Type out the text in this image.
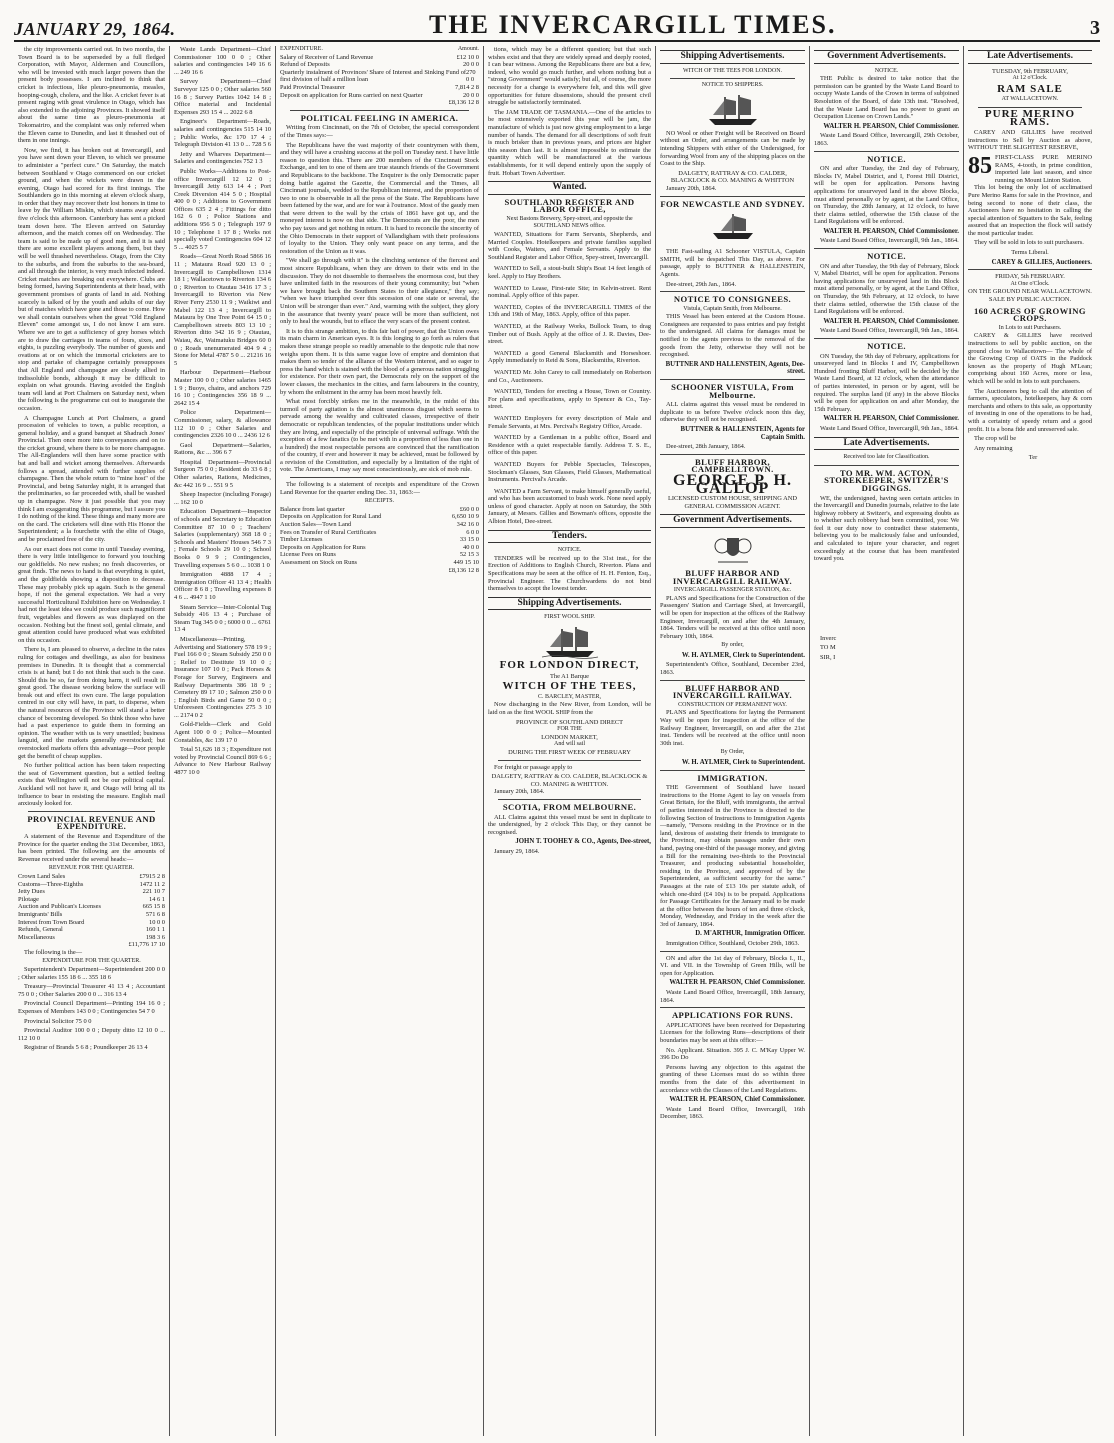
JANUARY 29, 1864.	THE INVERCARGILL TIMES.	3

the city improvements carried out. In two months, the Town Board is to be superseded by a full fledged Corporation, with Mayor, Aldermen and Councillors, who will be invested with much larger powers than the present body possesses. I am inclined to think that cricket is infectious, like pleuro-pneumonia, measles, hooping-cough, cholera, and the like. A cricket fever is at present raging with great virulence in Otago, which has also extended to the adjoining Provinces. It showed itself about the same time as pleuro-pneumonia at Tokomairiro, and the complaint was only referred when the Eleven came to Dunedin, and last it thrashed out of them in one innings.

Now, we find, it has broken out at Invercargill, and you have sent down your Eleven, to which we presume to administer a "perfect cure." On Saturday, the match between Southland v Otago commenced on our cricket ground, and when the wickets were drawn in the evening, Otago had scored for its first innings. The Southlanders go in this morning at eleven o'clock sharp, in order that they may recover their lost honors in time to leave by the William Miskin, which steams away about five o'clock this afternoon. Canterbury has sent a picked team down here. The Eleven arrived on Saturday afternoon, and the match comes off on Wednesday. The team is said to be made up of good men, and it is said there are some excellent players among them, but they will be well thrashed nevertheless. Otago, from the City to the suburbs, and from the suburbs to the sea-board, and all through the interior, is very much infected indeed. Cricket matches are breaking out everywhere. Clubs are being formed, having Superintendents at their head, with government promises of grants of land in aid. Nothing scarcely is talked of by the youth and adults of our day but of matches which have gone and those to come. How we shall contain ourselves when the great "Old England Eleven" come amongst us, I do not know I am sure. Where we are to get a sufficiency of grey horses which are to draw the carriages in teams of fours, sixes, and eights, is puzzling everybody. The number of guests and ovations at or on which the immortal cricketers are to stop and partake of champagne certainly presupposes that All England and champagne are closely allied in indissoluble bonds, although it may be difficult to explain on what grounds. Having avoided the English team will land at Port Chalmers on Saturday next, when the following is the programme cut out to inaugurate the occasion.

A Champagne Lunch at Port Chalmers, a grand procession of vehicles to town, a public reception, a general holiday, and a grand banquet at Shadrach Jones' Provincial. Then once more into conveyances and on to the cricket ground, where there is to be more champagne. The All-Englanders will then have some practice with bat and ball and wicket among themselves. Afterwards follows a spread, attended with further supplies of champagne. Then the whole return to "mine host" of the Provincial, and being Saturday night, it is arranged that the preliminaries, so far proceeded with, shall be washed up in champagne. Now it just possible that you may think I am exaggerating this programme, but I assure you I do nothing of the kind. These things and many more are on the card. The cricketers will dine with His Honor the Superintendent; a la fourchette with the elite of Otago, and be proclaimed free of the city.

As our exact does not come in until Tuesday evening, there is very little intelligence to forward you touching our goldfields. No new rushes; no fresh discoveries, or great finds. The news to hand is that everything is quiet, and the goldfields showing a disposition to decrease. These may probably pick up again. Such is the general hope, if not the general expectation. We had a very successful Horticultural Exhibition here on Wednesday. I had not the least idea we could produce such magnificent fruit, vegetables and flowers as was displayed on the occasion. Nothing but the finest soil, genial climate, and great attention could have produced what was exhibited on this occasion.

There is, I am pleased to observe, a decline in the rates ruling for cottages and dwellings, as also for business premises in Dunedin. It is thought that a commercial crisis is at hand; but I do not think that such is the case. Should this be so, far from doing harm, it will result in great good. The disease working below the surface will break out and effect its own cure. The large population centred in our city will have, in part, to disperse, when the natural resources of the Province will stand a better chance of becoming developed. So think those who have had a past experience to guide them in forming an opinion. The weather with us is very unsettled; business languid, and the markets generally overstocked; but overstocked markets offers this advantage—Poor people get the benefit of cheap supplies.

No further political action has been taken respecting the seat of Government question, but a settled feeling exists that Wellington will not be our political capital. Auckland will not have it, and Otago will bring all its influence to bear in resisting the measure. English mail anxiously looked for.

PROVINCIAL REVENUE AND EXPENDITURE.

A statement of the Revenue and Expenditure of the Province for the quarter ending the 31st December, 1863, has been printed. The following are the amounts of Revenue received under the several heads:—

REVENUE FOR THE QUARTER.
Crown Land Sales	£7915 2 8
Customs—Three-Eighths	1472 11 2
Jetty Dues	221 10 7
Pilotage	14 6 1
Auction and Publican's Licenses	665 15 8
Immigrants' Bills	571 6 8
Interest from Town Board	10 0 0
Refunds, General	160 1 1
Miscellaneous	198 3 6
£11,776 17 10

The following is the—

EXPENDITURE FOR THE QUARTER.

Superintendent's Department—Superintendent 200 0 0 ; Other salaries 155 18 6 ... 355 18 6

Treasury—Provincial Treasurer 41 13 4 ; Accountant 75 0 0 ; Other Salaries 200 0 0 ... 316 13 4

Provincial Council Department—Printing 194 16 0 ; Expenses of Members 143 0 0 ; Contingencies 54 7 0

Provincial Solicitor 75 0 0

Provincial Auditor 100 0 0 ; Deputy ditto 12 10 0 ... 112 10 0

Registrar of Brands 5 6 8 ; Poundkeeper 26 13 4

Waste Lands Department—Chief Commissioner 100 0 0 ; Other salaries and contingencies 149 16 6 ... 249 16 6

Survey Department—Chief Surveyor 125 0 0 ; Other salaries 560 16 8 ; Survey Parties 1042 14 8 ; Office material and Incidental Expenses 293 15 4 ... 2022 6 8

Engineer's Department—Roads, salaries and contingencies 515 14 10 ; Public Works, &c 170 17 4 ; Telegraph Division 41 13 0 ... 728 5 6

Jetty and Wharves Department—Salaries and contingencies 752 1 3

Public Works—Additions to Post-office Invercargill 12 12 0 ; Invercargill Jetty 613 14 4 ; Port Creek Diversion 414 5 0 ; Hospital 400 0 0 ; Additions to Government Offices 635 2 4 ; Fittings for ditto 162 6 0 ; Police Stations and additions 956 5 0 ; Telegraph 197 9 10 ; Telephone 1 17 8 ; Works not specially voted Contingencies 604 12 5 ... 4025 5 7

Roads—Great North Road 5866 16 11 ; Mataura Road 920 13 0 ; Invercargill to Campbelltown 1314 18 1 ; Wallacetown to Riverton 134 6 0 ; Riverton to Otautau 3416 17 3 ; Invercargill to Riverton via New River Ferry 2530 11 9 ; Waikiwi and Mabel 122 13 4 ; Invercargill to Mataura by One Tree Point 64 15 0 ; Campbelltown streets 803 13 10 ; Riverton ditto 342 16 9 ; Otautau, Waiau, &c, Waimatuku Bridges 60 0 0 ; Roads unenumerated 404 9 4 ; Stone for Metal 4787 5 0 ... 21216 16 5

Harbour Department—Harbour Master 100 0 0 ; Other salaries 1465 1 9 ; Buoys, chains, and anchors 729 16 10 ; Contingencies 356 18 9 ... 2642 15 4

Police Department—Commissioner, salary, & allowance 112 10 0 ; Other Salaries and contingencies 2326 10 0 ... 2436 12 6

Gaol Department—Salaries, Rations, &c ... 396 6 7

Hospital Department—Provincial Surgeon 75 0 0 ; Resident do 33 6 8 ; Other salaries, Rations, Medicines, &c 442 16 9 ... 551 9 5

Sheep Inspector (including Forage) ... 162 10 0

Education Department—Inspector of schools and Secretary to Education Committee 87 10 0 ; Teachers' Salaries (supplementary) 368 18 0 ; Schools and Masters' Houses 546 7 3 ; Female Schools 29 10 0 ; School Books 0 9 9 ; Contingencies, Travelling expenses 5 6 0 ... 1038 1 0

Immigration 4888 17 4 ; Immigration Officer 41 13 4 ; Health Officer 8 6 8 ; Travelling expenses 8 4 6 ... 4947 1 10

Steam Service—Inter-Colonial Tug Subsidy 416 13 4 ; Purchase of Steam Tug 345 0 0 ; 6000 0 0 ... 6761 13 4

Miscellaneous—Printing, Advertising and Stationery 578 19 9 ; Fuel 166 0 0 ; Steam Subsidy 250 0 0 ; Relief to Destitute 19 10 0 ; Insurance 107 10 0 ; Pack Horses & Forage for Survey, Engineers and Railway Departments 386 18 9 ; Cemetery 89 17 10 ; Salmon 250 0 0 ; English Birds and Game 50 0 0 ; Unforeseen Contingencies 275 3 10 ... 2174 0 2

Gold-Fields—Clerk and Gold Agent 100 0 0 ; Police—Mounted Constables, &c 139 17 0

Total 51,626 18 3 ; Expenditure not voted by Provincial Council 869 6 6 ; Advance to New Harbour Railway 4877 10 0

EXPENDITURE.	Amount.
Salary of Receiver of Land Revenue	£12 10 0
Refund of Deposits	20 0 0
Quarterly instalment of Provinces' Share of Interest and Sinking Fund of first division of half a million loan
270 0 0
Paid Provincial Treasurer	7,814 2 8
Deposit on application for Runs carried on next Quarter	20 0 0
£8,136 12 8
POLITICAL FEELING IN AMERICA.

Writing from Cincinnati, on the 7th of October, the special correspondent of the Times says:—

The Republicans have the vast majority of their countrymen with them, and they will have a crushing success at the poll on Tuesday next. I have little reason to question this. There are 200 members of the Cincinnati Stock Exchange, and ten to one of them are true staunch friends of the Government and Republicans to the backbone. The Enquirer is the only Democratic paper doing battle against the Gazette, the Commercial and the Times, all Cincinnati journals, wedded to the Republican interest, and the proportion of two to one is observable in all the press of the State. The Republicans have been fattened by the war, and are for war à l'outrance. Most of the gaudy men that were driven to the wall by the crisis of 1861 have got up, and the moneyed interest is now on that side. The Democrats are the poor, the men who pay taxes and get nothing in return. It is hard to reconcile the sincerity of the Ohio Democrats in their support of Vallandigham with their professions of loyalty to the Union. They only want peace on any terms, and the restoration of the Union as it was.

"We shall go through with it" is the clinching sentence of the fiercest and most sincere Republicans, when they are driven to their wits end in the discussion. They do not dissemble to themselves the enormous cost, but they have unlimited faith in the resources of their young community; but "when we have brought back the Southern States to their allegiance," they say; "when we have triumphed over this secession of one state or several, the Union will be stronger than ever." And, warming with the subject, they glory in the assurance that twenty years' peace will be more than sufficient, not only to heal the wounds, but to efface the very scars of the present contest.

It is to this strange ambition, to this fair bait of power, that the Union owes its main charm in American eyes. It is this longing to go forth as rulers that makes these strange people so readily amenable to the despotic rule that now weighs upon them. It is this same vague love of empire and dominion that makes them so tender of the alliance of the Western interest, and so eager to press the hand which is stained with the blood of a generous nation struggling for existence. For their own part, the Democrats rely on the support of the lower classes, the mechanics in the cities, and farm labourers in the country, by whom the enlistment in the army has been most heavily felt.

What most forcibly strikes me in the meanwhile, in the midst of this turmoil of party agitation is the almost unanimous disgust which seems to pervade among the wealthy and cultivated classes, irrespective of their democratic or republican tendencies, of the popular institutions under which they are living, and especially of the principle of universal suffrage. With the exception of a few fanatics (to be met with in a proportion of less than one in a hundred) the most respectable persons are convinced that the ramification of the country, if ever and however it may be achieved, must be followed by a revision of the Constitution, and especially by a limitation of the right of vote. The Americans, I may say most conscientiously, are sick of mob rule.

The following is a statement of receipts and expenditure of the Crown Land Revenue for the quarter ending Dec. 31, 1863:—

RECEIPTS.
Balance from last quarter	£60 0 0
Deposits on Application for Rural Land	6,650 10 9
Auction Sales—Town Land	342 16 0
Fees on Transfer of Rural Certificates	6 0 0
Timber Licenses	33 15 0
Deposits on Application for Runs	40 0 0
License Fees on Runs	52 15 3
Assessment on Stock on Runs	449 15 10
£8,136 12 8

tions, which may be a different question; but that such wishes exist and that they are widely spread and deeply rooted, I can bear witness. Among the Republicans there are but a few, indeed, who would go much further, and whom nothing but a "strong Government" would satisfy; but all, of course, the more necessity for a change is everywhere felt, and this will give opportunities for future dissensions, should the present civil struggle be satisfactorily terminated.

The JAM TRADE OF TASMANIA.—One of the articles to be most extensively exported this year will be jam, the manufacture of which is just now giving employment to a large number of hands. The demand for all descriptions of soft fruit is much brisker than in previous years, and prices are higher this season than last. It is almost impossible to estimate the quantity which will be manufactured at the various establishments, for it will depend entirely upon the supply of fruit. Hobart Town Advertiser.

Wanted.
SOUTHLAND REGISTER AND LABOR OFFICE,
Next Bastons Brewery, Spey-street, and opposite the SOUTHLAND NEWS office.

WANTED, Situations for Farm Servants, Shepherds, and Married Couples. Hotelkeepers and private families supplied with Cooks, Waiters, and Female Servants. Apply to the Southland Register and Labor Office, Spey-street, Invercargill.

WANTED to Sell, a stout-built Ship's Boat 14 feet length of keel. Apply to Hay Brothers.

WANTED to Lease, First-rate Site; in Kelvin-street. Rent nominal. Apply office of this paper.

WANTED, Copies of the INVERCARGILL TIMES of the 13th and 19th of May, 1863. Apply, office of this paper.

WANTED, at the Railway Works, Bullock Team, to drag Timber out of Bush. Apply at the office of J. R. Davies, Dee-street.

WANTED a good General Blacksmith and Horseshoer. Apply immediately to Reid & Sons, Blacksmiths, Riverton.

WANTED Mr. John Carey to call immediately on Robertson and Co., Auctioneers.

WANTED, Tenders for erecting a House, Town or Country. For plans and specifications, apply to Spencer & Co., Tay-street.

WANTED Employers for every description of Male and Female Servants, at Mrs. Percival's Registry Office, Arcade.

WANTED by a Gentleman in a public office, Board and Residence with a quiet respectable family. Address T. S. E., office of this paper.

WANTED Buyers for Pebble Spectacles, Telescopes, Stockman's Glasses, Sun Glasses, Field Glasses, Mathematical Instruments. Percival's Arcade.

WANTED a Farm Servant, to make himself generally useful, and who has been accustomed to bush work. None need apply unless of good character. Apply at noon on Saturday, the 30th January, at Messrs. Gillies and Bowman's offices, opposite the Albion Hotel, Dee-street.

Tenders.
NOTICE.

TENDERS will be received up to the 31st inst., for the Erection of Additions to English Church, Riverton. Plans and Specifications may be seen at the office of H. H. Fenton, Esq., Provincial Engineer. The Churchwardens do not bind themselves to accept the lowest tender.

Shipping Advertisements.
FIRST WOOL SHIP.
FOR LONDON DIRECT,
The A1 Barque
WITCH OF THE TEES,
C. BARCLEY, MASTER,

Now discharging in the New River, from London, will be laid on as the first WOOL SHIP from the

PROVINCE OF SOUTHLAND DIRECT
FOR THE
LONDON MARKET,
And will sail
DURING THE FIRST WEEK OF FEBRUARY

For freight or passage apply to

DALGETY, RATTRAY & CO. CALDER, BLACKLOCK & CO. MANING & WHITTON.

January 20th, 1864.

SCOTIA, FROM MELBOURNE.

ALL Claims against this vessel must be sent in duplicate to the undersigned, by 2 o'clock This Day, or they cannot be recognised.

JOHN T. TOOHEY & CO., Agents, Dee-street,

January 29, 1864.

Shipping Advertisements.
WITCH OF THE TEES FOR LONDON.
NOTICE TO SHIPPERS.

NO Wool or other Freight will be Received on Board without an Order, and arrangements can be made by intending Shippers with either of the Undersigned, for forwarding Wool from any of the shipping places on the Coast to the Ship.

DALGETY, RATTRAY & CO. CALDER, BLACKLOCK & CO. MANING & WHITTON

January 20th, 1864.

FOR NEWCASTLE AND SYDNEY.

THE Fast-sailing A1 Schooner VISTULA, Captain SMITH, will be despatched This Day, as above. For passage, apply to BUTTNER & HALLENSTEIN, Agents.

Dee-street, 29th Jan., 1864.

NOTICE TO CONSIGNEES.
Vistula, Captain Smith, from Melbourne.

THIS Vessel has been entered at the Custom House. Consignees are requested to pass entries and pay freight to the undersigned. All claims for damages must be notified to the agents previous to the removal of the goods from the Jetty, otherwise they will not be recognised.

BUTTNER AND HALLENSTEIN, Agents, Dee-street.
SCHOONER VISTULA, From Melbourne.

ALL claims against this vessel must be rendered in duplicate to us before Twelve o'clock noon this day, otherwise they will not be recognised.

BUTTNER & HALLENSTEIN, Agents for Captain Smith.

Dee-street, 28th January, 1864.

BLUFF HARBOR, CAMPBELLTOWN.
GEORGE P. H. GALLOP
LICENSED CUSTOM HOUSE, SHIPPING AND GENERAL COMMISSION AGENT.
Government Advertisements.
BLUFF HARBOR AND INVERCARGILL RAILWAY.
INVERCARGILL PASSENGER STATION, &c.

PLANS and Specifications for the Construction of the Passengers' Station and Carriage Shed, at Invercargill, will be open for inspection at the offices of the Railway Engineer, Invercargill, on and after the 4th January, 1864. Tenders will be received at this office until noon February 10th, 1864.

By order,
W. H. AYLMER, Clerk to Superintendent.

Superintendent's Office, Southland, December 23rd, 1863.

BLUFF HARBOR AND INVERCARGILL RAILWAY.
CONSTRUCTION OF PERMANENT WAY.

PLANS and Specifications for laying the Permanent Way will be open for inspection at the office of the Railway Engineer, Invercargill, on and after the 21st inst. Tenders will be received at the office until noon 30th inst.

By Order,
W. H. AYLMER, Clerk to Superintendent.
IMMIGRATION.

THE Government of Southland have issued instructions to the Home Agent to lay on vessels from Great Britain, for the Bluff, with immigrants, the arrival of parties interested in the Province is directed to the following Section of Instructions to Immigration Agents—namely, "Persons residing in the Province or in the land, desirous of assisting their friends to immigrate to the Province, may obtain passages under their own hand, paying one-third of the passage money, and giving a Bill for the remaining two-thirds to the Provincial Treasurer, and producing substantial householder, residing in the Province, and approved of by the Superintendent, as sufficient security for the same." Passages at the rate of £13 10s per statute adult, of which one-third (£4 10s) is to be prepaid. Applications for Passage Certificates for the January mail to be made at the office between the hours of ten and three o'clock, Monday, Wednesday, and Friday in the week after the 3rd of January, 1864.

D. M'ARTHUR, Immigration Officer.

Immigration Office, Southland, October 29th, 1863.

ON and after the 1st day of February, Blocks I., II., VI. and VII. in the Township of Green Hills, will be open for Application.

WALTER H. PEARSON, Chief Commissioner.

Waste Land Board Office, Invercargill, 18th January, 1864.

APPLICATIONS FOR RUNS.

APPLICATIONS have been received for Depasturing Licenses for the following Runs—descriptions of their boundaries may be seen at this office:—

No. Applicant. Situation. 395 J. C. M'Kay Upper W. 396 Do Do

Persons having any objection to this against the granting of these Licenses must do so within three months from the date of this advertisement in accordance with the Clauses of the Land Regulations.

WALTER H. PEARSON, Chief Commissioner.

Waste Land Board Office, Invercargill, 16th December, 1863.

Government Advertisements.
NOTICE.

THE Public is desired to take notice that the permission can be granted by the Waste Land Board to occupy Waste Lands of the Crown in terms of subjoined Resolution of the Board, of date 13th inst. "Resolved, that the Waste Land Board has no power to grant an Occupation License on Crown Lands."

WALTER H. PEARSON, Chief Commissioner.

Waste Land Board Office, Invercargill, 29th October, 1863.

NOTICE.

ON and after Tuesday, the 2nd day of February, Blocks IV, Mabel District, and I, Forest Hill District, will be open for application. Persons having applications for unsurveyed land in the above Blocks, must attend personally or by agent, at the Land Office, on Thursday, the 28th January, at 12 o'clock, to have their claims settled, otherwise the 15th clause of the Land Regulations will be enforced.

WALTER H. PEARSON, Chief Commissioner.

Waste Land Board Office, Invercargill, 9th Jan., 1864.

NOTICE.

ON and after Tuesday, the 9th day of February, Block V, Mabel District, will be open for application. Persons having applications for unsurveyed land in this Block must attend personally, or by agent, at the Land Office, on Thursday, the 9th February, at 12 o'clock, to have their claims settled, otherwise the 15th clause of the Land Regulations will be enforced.

WALTER H. PEARSON, Chief Commissioner.

Waste Land Board Office, Invercargill, 9th Jan., 1864.

NOTICE.

ON Tuesday, the 9th day of February, applications for unsurveyed land in Blocks I and IV, Campbelltown Hundred fronting Bluff Harbor, will be decided by the Waste Land Board, at 12 o'clock, when the attendance of parties interested, in person or by agent, will be required. The surplus land (if any) in the above Blocks will be open for application on and after Monday, the 15th February.

WALTER H. PEARSON, Chief Commissioner.

Waste Land Board Office, Invercargill, 9th Jan., 1864.

Late Advertisements.
Received too late for Classification.
TO MR. WM. ACTON, STOREKEEPER, SWITZER'S DIGGINGS.

WE, the undersigned, having seen certain articles in the Invercargill and Dunedin journals, relative to the late highway robbery at Switzer's, and expressing doubts as to whether such robbery had been committed, you: We feel it our duty now to contradict these statements, believing you to be maliciously false and unfounded, and calculated to injure your character, and regret exceedingly at the course that has been manifested toward you.

Inverc

TO M

SIR, I

Late Advertisements.
TUESDAY, 9th FEBRUARY,
At 12 o'Clock.
RAM SALE
AT WALLACETOWN.
PURE MERINO RAMS.

CAREY AND GILLIES have received instructions to Sell by Auction as above, WITHOUT THE SLIGHTEST RESERVE,

85 FIRST-CLASS PURE MERINO RAMS, 4-tooth, in prime condition, imported late last season, and since running on Mount Linton Station.

This lot being the only lot of acclimatised Pure Merino Rams for sale in the Province, and being second to none of their class, the Auctioneers have no hesitation in calling the special attention of Squatters to the Sale, feeling assured that an inspection the flock will satisfy the most particular trader.

They will be sold in lots to suit purchasers.

Terms Liberal.
CAREY & GILLIES, Auctioneers.
FRIDAY, 5th FEBRUARY.
At One o'Clock.
ON THE GROUND NEAR WALLACETOWN.
SALE BY PUBLIC AUCTION.
160 ACRES OF GROWING CROPS.
In Lots to suit Purchasers.

CAREY & GILLIES have received instructions to sell by public auction, on the ground close to Wallacetown— The whole of the Growing Crop of OATS in the Paddock known as the property of Hugh M'Lean; comprising about 160 Acres, more or less, which will be sold in lots to suit purchasers.

The Auctioneers beg to call the attention of farmers, speculators, hotelkeepers, hay & corn merchants and others to this sale, as opportunity of investing in one of the operations to be had, with a certainty of speedy return and a good profit. It is a bona fide and unreserved sale.

The crop will be

Any remaining

Ter
